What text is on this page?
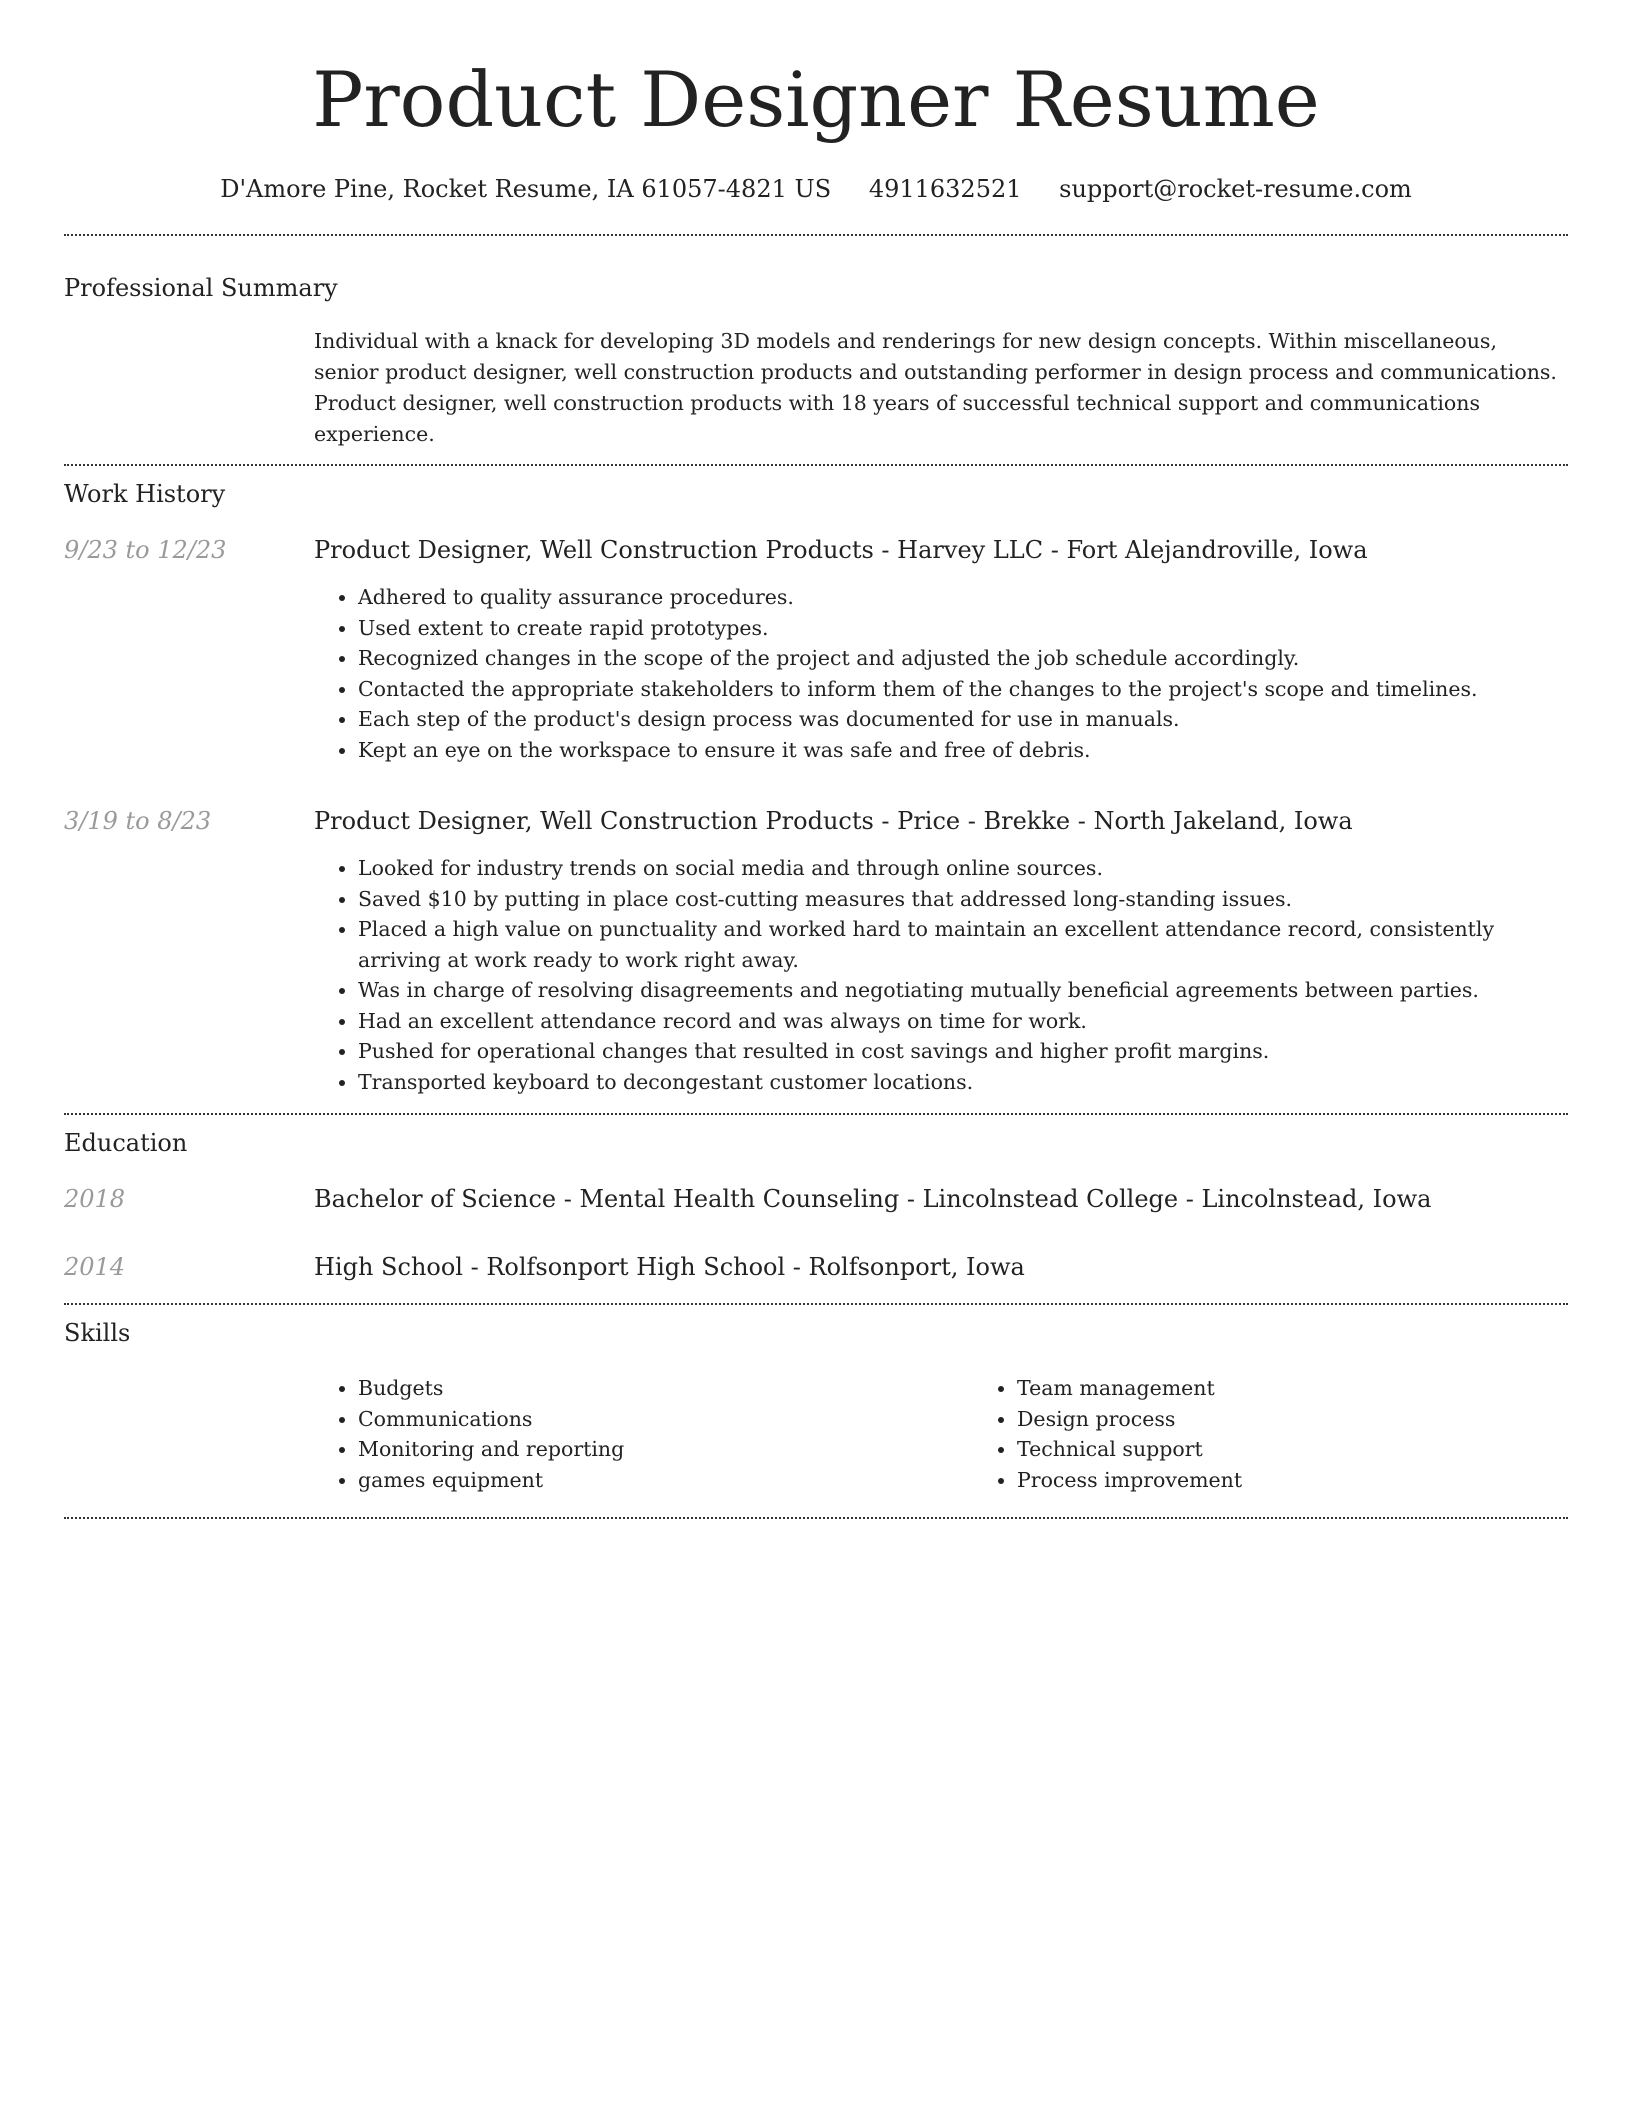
Product Designer Resume
D'Amore Pine, Rocket Resume, IA 61057-4821 US 4911632521 support@rocket-resume.com
Professional Summary

Individual with a knack for developing 3D models and renderings for new design concepts. Within miscellaneous, senior product designer, well construction products and outstanding performer in design process and communications. Product designer, well construction products with 18 years of successful technical support and communications experience.

Work History
9/23 to 12/23	Product Designer, Well Construction Products - Harvey LLC - Fort Alejandroville, Iowa
• Adhered to quality assurance procedures.
• Used extent to create rapid prototypes.
• Recognized changes in the scope of the project and adjusted the job schedule accordingly.
• Contacted the appropriate stakeholders to inform them of the changes to the project's scope and timelines.
• Each step of the product's design process was documented for use in manuals.
• Kept an eye on the workspace to ensure it was safe and free of debris.
3/19 to 8/23	Product Designer, Well Construction Products - Price - Brekke - North Jakeland, Iowa
• Looked for industry trends on social media and through online sources.
• Saved $10 by putting in place cost-cutting measures that addressed long-standing issues.
• Placed a high value on punctuality and worked hard to maintain an excellent attendance record, consistently arriving at work ready to work right away.
• Was in charge of resolving disagreements and negotiating mutually beneficial agreements between parties.
• Had an excellent attendance record and was always on time for work.
• Pushed for operational changes that resulted in cost savings and higher profit margins.
• Transported keyboard to decongestant customer locations.
Education
2018	Bachelor of Science - Mental Health Counseling - Lincolnstead College - Lincolnstead, Iowa
2014	High School - Rolfsonport High School - Rolfsonport, Iowa
Skills
• Budgets
• Communications
• Monitoring and reporting
• games equipment
• Team management
• Design process
• Technical support
• Process improvement
